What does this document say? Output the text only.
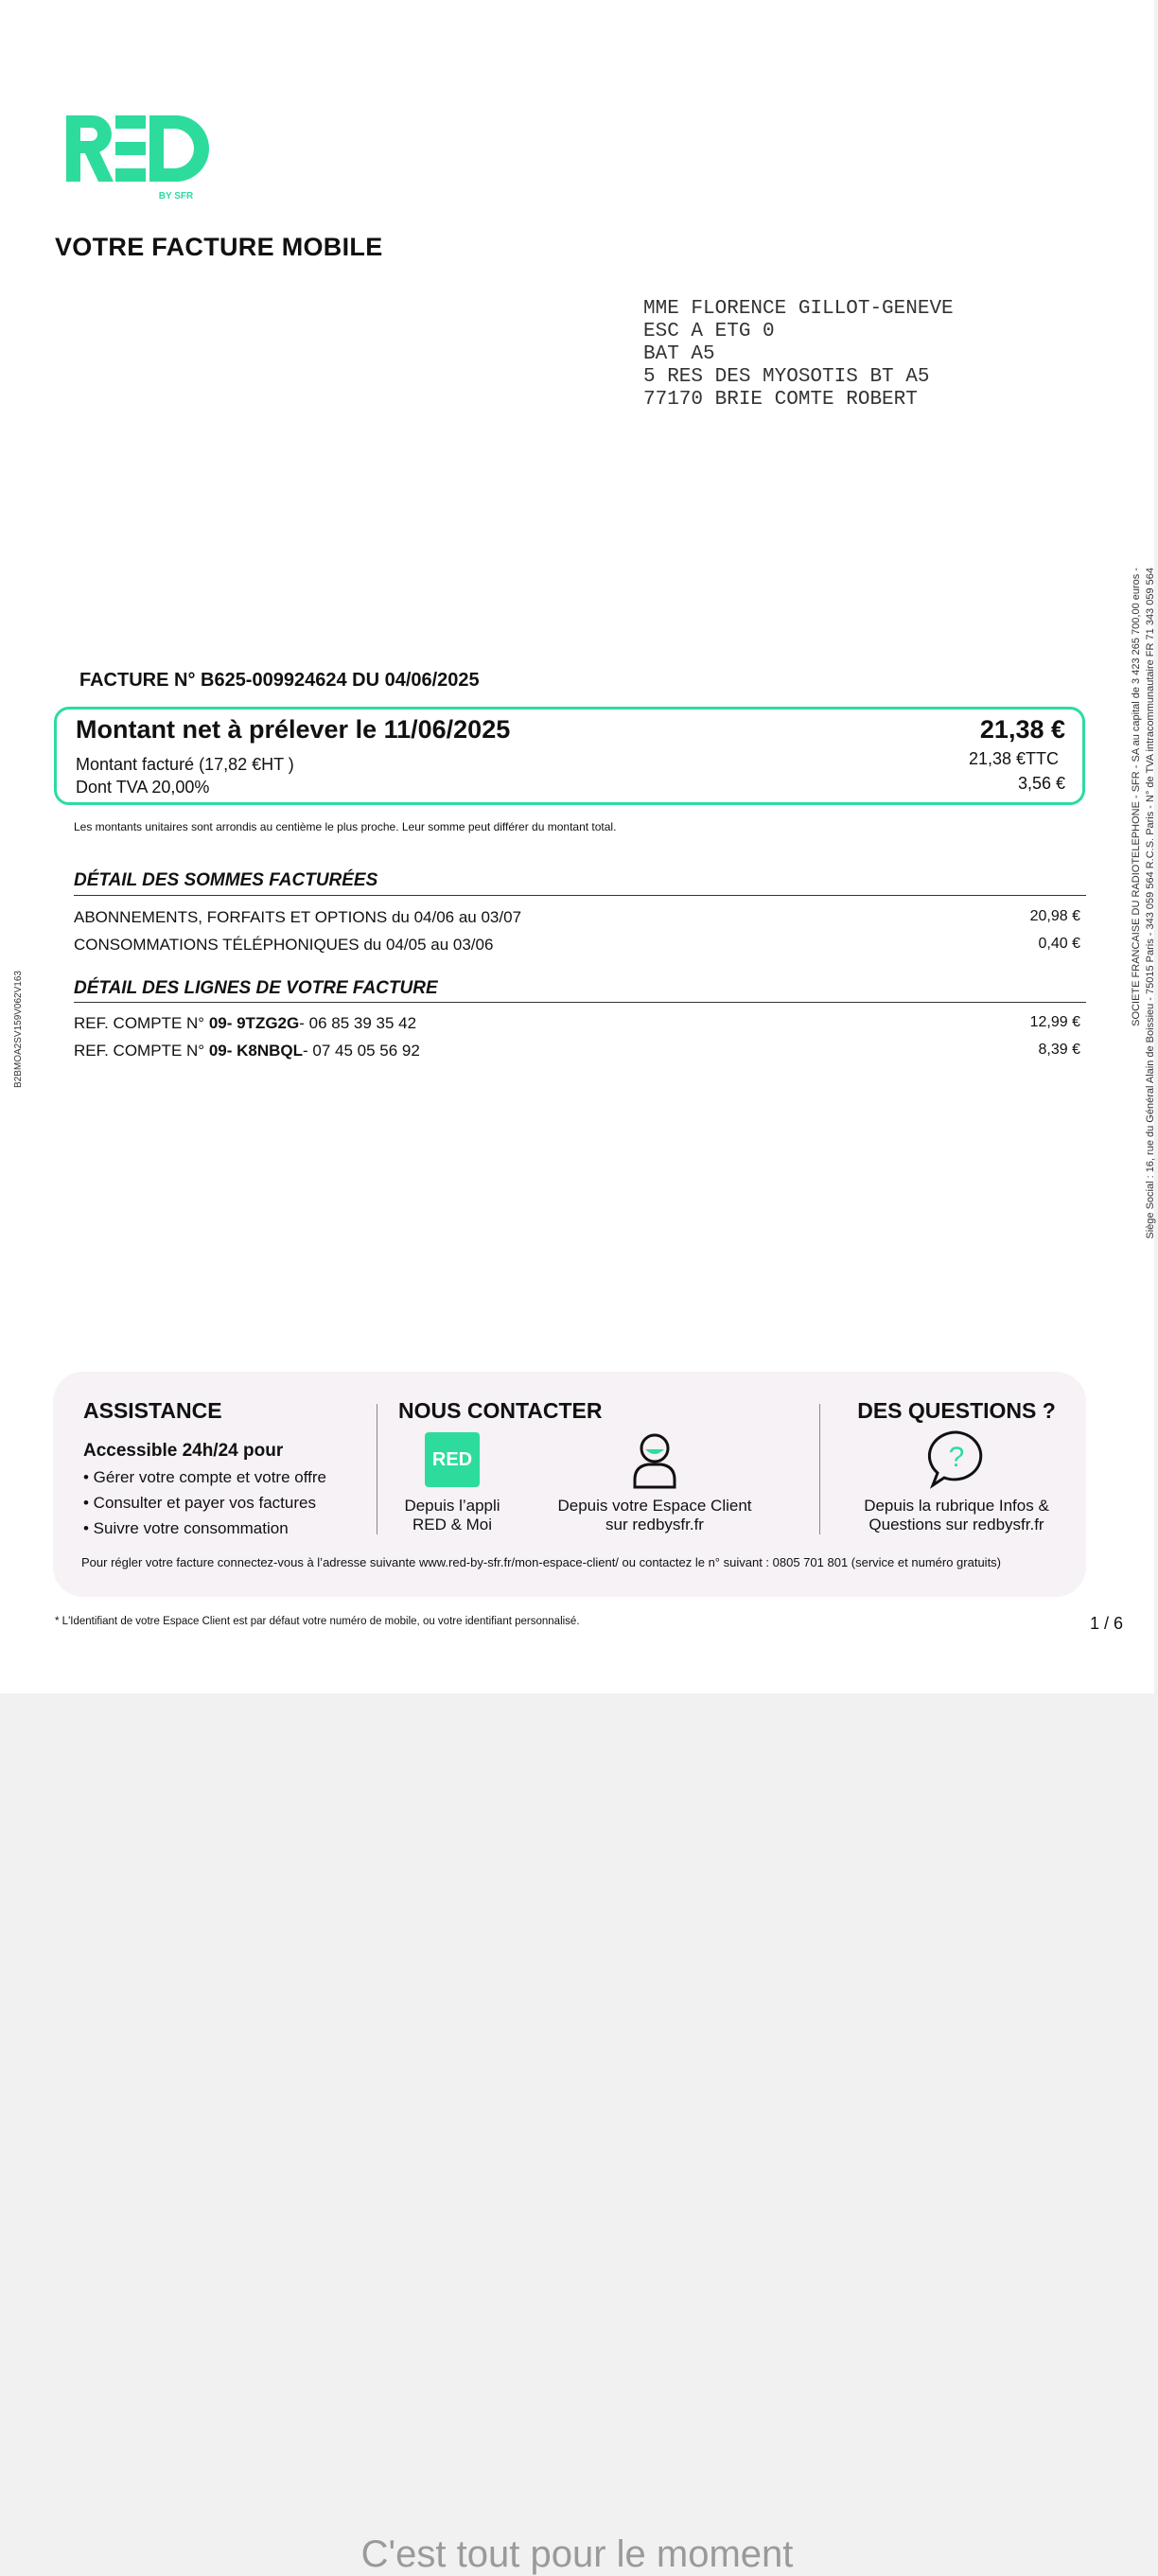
BY SFR
VOTRE FACTURE MOBILE
MME FLORENCE GILLOT-GENEVE
ESC A ETG 0
BAT A5
5 RES DES MYOSOTIS BT A5
77170 BRIE COMTE ROBERT
FACTURE N° B625-009924624 DU 04/06/2025
Montant net à prélever le 11/06/2025	21,38 €
Montant facturé (17,82 €HT )	21,38 €TTC
Dont TVA 20,00%	3,56 €
Les montants unitaires sont arrondis au centième le plus proche. Leur somme peut différer du montant total.
DÉTAIL DES SOMMES FACTURÉES
ABONNEMENTS, FORFAITS ET OPTIONS du 04/06 au 03/07	20,98 €
CONSOMMATIONS TÉLÉPHONIQUES du 04/05 au 03/06	0,40 €
DÉTAIL DES LIGNES DE VOTRE FACTURE
REF. COMPTE N° 09- 9TZG2G- 06 85 39 35 42	12,99 €
REF. COMPTE N° 09- K8NBQL- 07 45 05 56 92	8,39 €
B2BMOA2SV159V062V163
SOCIETE FRANCAISE DU RADIOTELEPHONE - SFR - SA au capital de 3 423 265 700,00 euros - Siège Social : 16, rue du Général Alain de Boissieu - 75015 Paris - 343 059 564 R.C.S. Paris - N° de TVA intracommunautaire FR 71 343 059 564
ASSISTANCE
Accessible 24h/24 pour
• Gérer votre compte et votre offre
• Consulter et payer vos factures
• Suivre votre consommation
NOUS CONTACTER
RED
Depuis l’appli
RED & Moi
Depuis votre Espace Client
sur redbysfr.fr
DES QUESTIONS ?
?
Depuis la rubrique Infos &
Questions sur redbysfr.fr
Pour régler votre facture connectez-vous à l’adresse suivante www.red-by-sfr.fr/mon-espace-client/ ou contactez le n° suivant : 0805 701 801 (service et numéro gratuits)
* L'Identifiant de votre Espace Client est par défaut votre numéro de mobile, ou votre identifiant personnalisé.	1 / 6
C'est tout pour le moment
